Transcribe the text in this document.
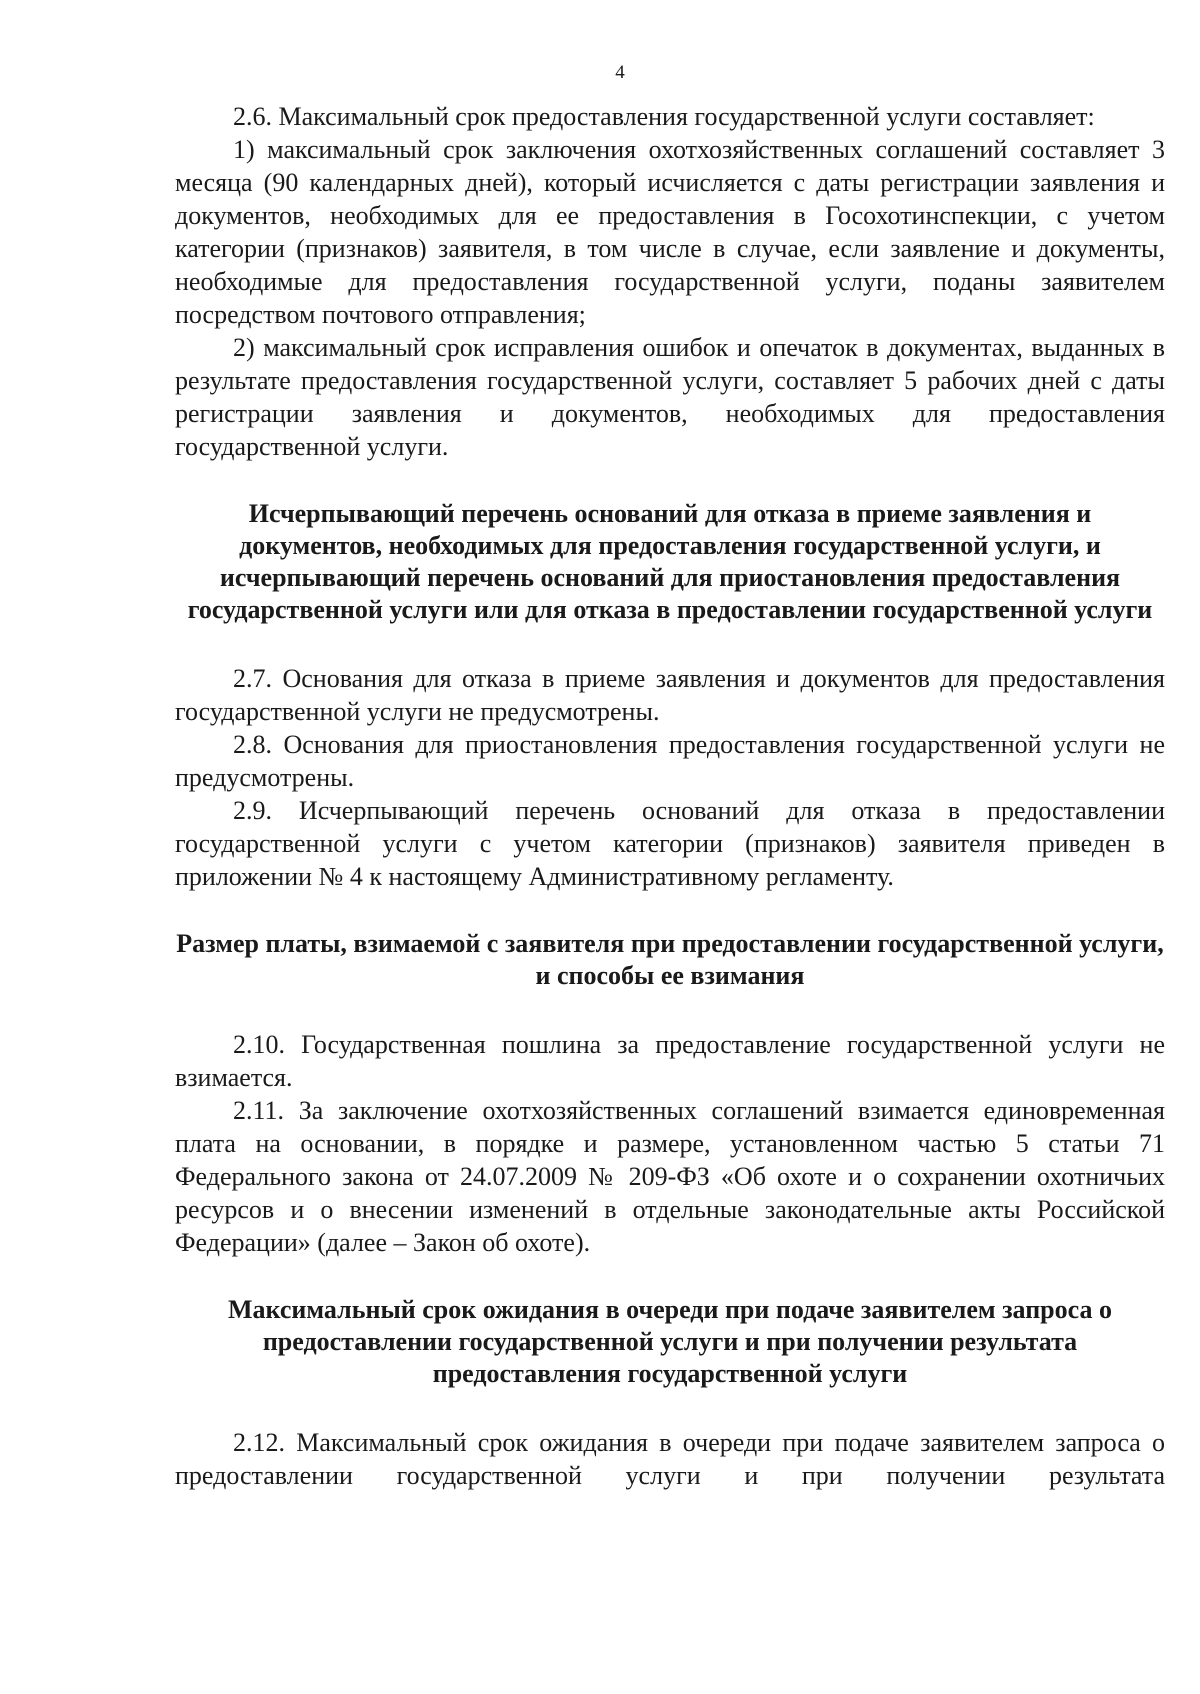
4

2.6. Максимальный срок предоставления государственной услуги составляет:

1) максимальный срок заключения охотхозяйственных соглашений составляет 3 месяца (90 календарных дней), который исчисляется с даты регистрации заявления и документов, необходимых для ее предоставления в Госохотинспекции, с учетом категории (признаков) заявителя, в том числе в случае, если заявление и документы, необходимые для предоставления государственной услуги, поданы заявителем посредством почтового отправления;

2) максимальный срок исправления ошибок и опечаток в документах, выданных в результате предоставления государственной услуги, составляет 5 рабочих дней с даты регистрации заявления и документов, необходимых для предоставления государственной услуги.

Исчерпывающий перечень оснований для отказа в приеме заявления и документов, необходимых для предоставления государственной услуги, и исчерпывающий перечень оснований для приостановления предоставления государственной услуги или для отказа в предоставлении государственной услуги

2.7. Основания для отказа в приеме заявления и документов для предоставления государственной услуги не предусмотрены.

2.8. Основания для приостановления предоставления государственной услуги не предусмотрены.

2.9. Исчерпывающий перечень оснований для отказа в предоставлении государственной услуги с учетом категории (признаков) заявителя приведен в приложении № 4 к настоящему Административному регламенту.

Размер платы, взимаемой с заявителя при предоставлении государственной услуги, и способы ее взимания

2.10. Государственная пошлина за предоставление государственной услуги не взимается.

2.11. За заключение охотхозяйственных соглашений взимается единовременная плата на основании, в порядке и размере, установленном частью 5 статьи 71 Федерального закона от 24.07.2009 № 209-ФЗ «Об охоте и о сохранении охотничьих ресурсов и о внесении изменений в отдельные законодательные акты Российской Федерации» (далее – Закон об охоте).

Максимальный срок ожидания в очереди при подаче заявителем запроса о предоставлении государственной услуги и при получении результата предоставления государственной услуги

2.12. Максимальный срок ожидания в очереди при подаче заявителем запроса о предоставлении государственной услуги и при получении результата
